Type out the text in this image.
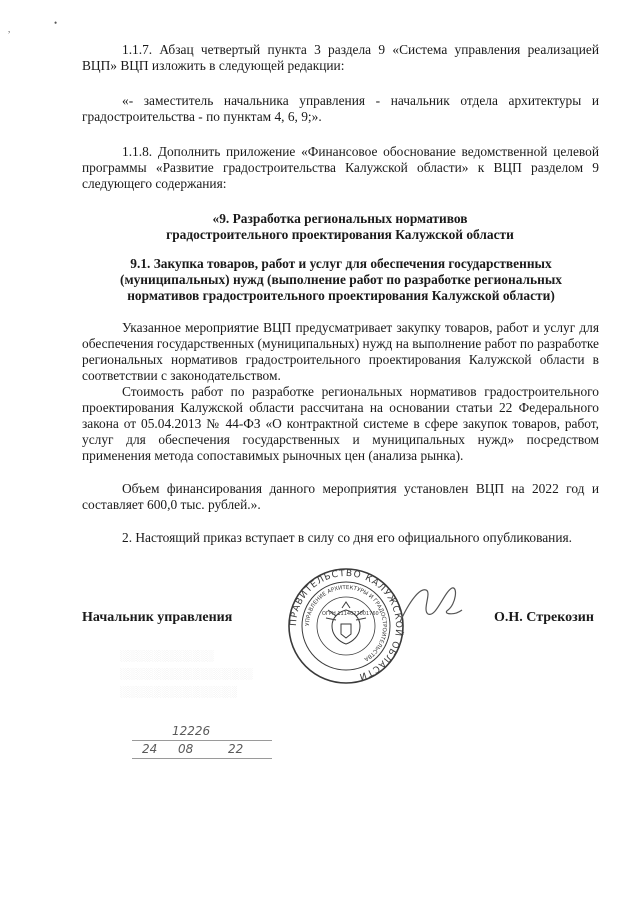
,
•

1.1.7. Абзац четвертый пункта 3 раздела 9 «Система управления реализацией ВЦП» ВЦП изложить в следующей редакции:

«- заместитель начальника управления - начальник отдела архитектуры и градостроительства - по пунктам 4, 6, 9;».

1.1.8. Дополнить приложение «Финансовое обоснование ведомственной целевой программы «Развитие градостроительства Калужской области» к ВЦП разделом 9 следующего содержания:

«9. Разработка региональных нормативов градостроительного проектирования Калужской области

9.1. Закупка товаров, работ и услуг для обеспечения государственных (муниципальных) нужд (выполнение работ по разработке региональных нормативов градостроительного проектирования Калужской области)

Указанное мероприятие ВЦП предусматривает закупку товаров, работ и услуг для обеспечения государственных (муниципальных) нужд на выполнение работ по разработке региональных нормативов градостроительного проектирования Калужской области в соответствии с законодательством.

Стоимость работ по разработке региональных нормативов градостроительного проектирования Калужской области рассчитана на основании статьи 22 Федерального закона от 05.04.2013 № 44-ФЗ «О контрактной системе в сфере закупок товаров, работ, услуг для обеспечения государственных и муниципальных нужд» посредством применения метода сопоставимых рыночных цен (анализа рынка).

Объем финансирования данного мероприятия установлен ВЦП на 2022 год и составляет 600,0 тыс. рублей.».

2. Настоящий приказ вступает в силу со дня его официального опубликования.

Начальник управления	О.Н. Стрекозин
ПРАВИТЕЛЬСТВО КАЛУЖСКОЙ ОБЛАСТИ
УПРАВЛЕНИЕ АРХИТЕКТУРЫ И ГРАДОСТРОИТЕЛЬСТВА
ОГРН 1114027001760
░░░░░░░░░░░░
░░░░░░░░░░░░░░░░░
░░░░░░░░░░░░░░░
12226
24 08	22
